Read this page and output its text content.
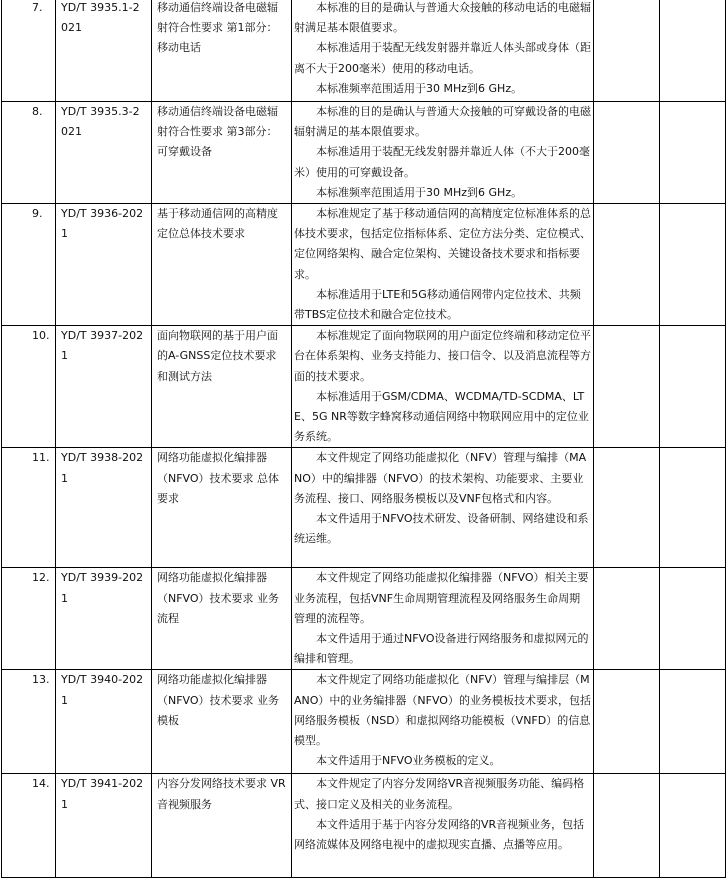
7.	YD/T 3935.1-2021	移动通信终端设备电磁辐射符合性要求 第1部分：移动电话	本标准的目的是确认与普通大众接触的移动电话的电磁辐射满足基本限值要求。
本标准适用于装配无线发射器并靠近人体头部或身体（距离不大于200毫米）使用的移动电话。
本标准频率范围适用于30 MHz到6 GHz。		

8.	YD/T 3935.3-2021	移动通信终端设备电磁辐射符合性要求 第3部分：可穿戴设备	本标准的目的是确认与普通大众接触的可穿戴设备的电磁辐射满足的基本限值要求。
本标准适用于装配无线发射器并靠近人体（不大于200毫米）使用的可穿戴设备。
本标准频率范围适用于30 MHz到6 GHz。		

9.	YD/T 3936-2021	基于移动通信网的高精度定位总体技术要求	本标准规定了基于移动通信网的高精度定位标准体系的总体技术要求，包括定位指标体系、定位方法分类、定位模式、定位网络架构、融合定位架构、关键设备技术要求和指标要求。
本标准适用于LTE和5G移动通信网带内定位技术、共频带TBS定位技术和融合定位技术。		

10.	YD/T 3937-2021	面向物联网的基于用户面的A-GNSS定位技术要求和测试方法	本标准规定了面向物联网的用户面定位终端和移动定位平台在体系架构、业务支持能力、接口信令、以及消息流程等方面的技术要求。
本标准适用于GSM/CDMA、WCDMA/TD-SCDMA、LTE、5G NR等数字蜂窝移动通信网络中物联网应用中的定位业务系统。		

11.	YD/T 3938-2021	网络功能虚拟化编排器（NFVO）技术要求 总体要求	本文件规定了网络功能虚拟化（NFV）管理与编排（MANO）中的编排器（NFVO）的技术架构、功能要求、主要业务流程、接口、网络服务模板以及VNF包格式和内容。
本文件适用于NFVO技术研发、设备研制、网络建设和系统运维。		

12.	YD/T 3939-2021	网络功能虚拟化编排器（NFVO）技术要求 业务流程	本文件规定了网络功能虚拟化编排器（NFVO）相关主要业务流程，包括VNF生命周期管理流程及网络服务生命周期管理的流程等。
本文件适用于通过NFVO设备进行网络服务和虚拟网元的编排和管理。		

13.	YD/T 3940-2021	网络功能虚拟化编排器（NFVO）技术要求 业务模板	本文件规定了网络功能虚拟化（NFV）管理与编排层（MANO）中的业务编排器（NFVO）的业务模板技术要求，包括网络服务模板（NSD）和虚拟网络功能模板（VNFD）的信息模型。
本文件适用于NFVO业务模板的定义。		

14.	YD/T 3941-2021	内容分发网络技术要求 VR音视频服务	本文件规定了内容分发网络VR音视频服务功能、编码格式、接口定义及相关的业务流程。
本文件适用于基于内容分发网络的VR音视频业务，包括网络流媒体及网络电视中的虚拟现实直播、点播等应用。		
